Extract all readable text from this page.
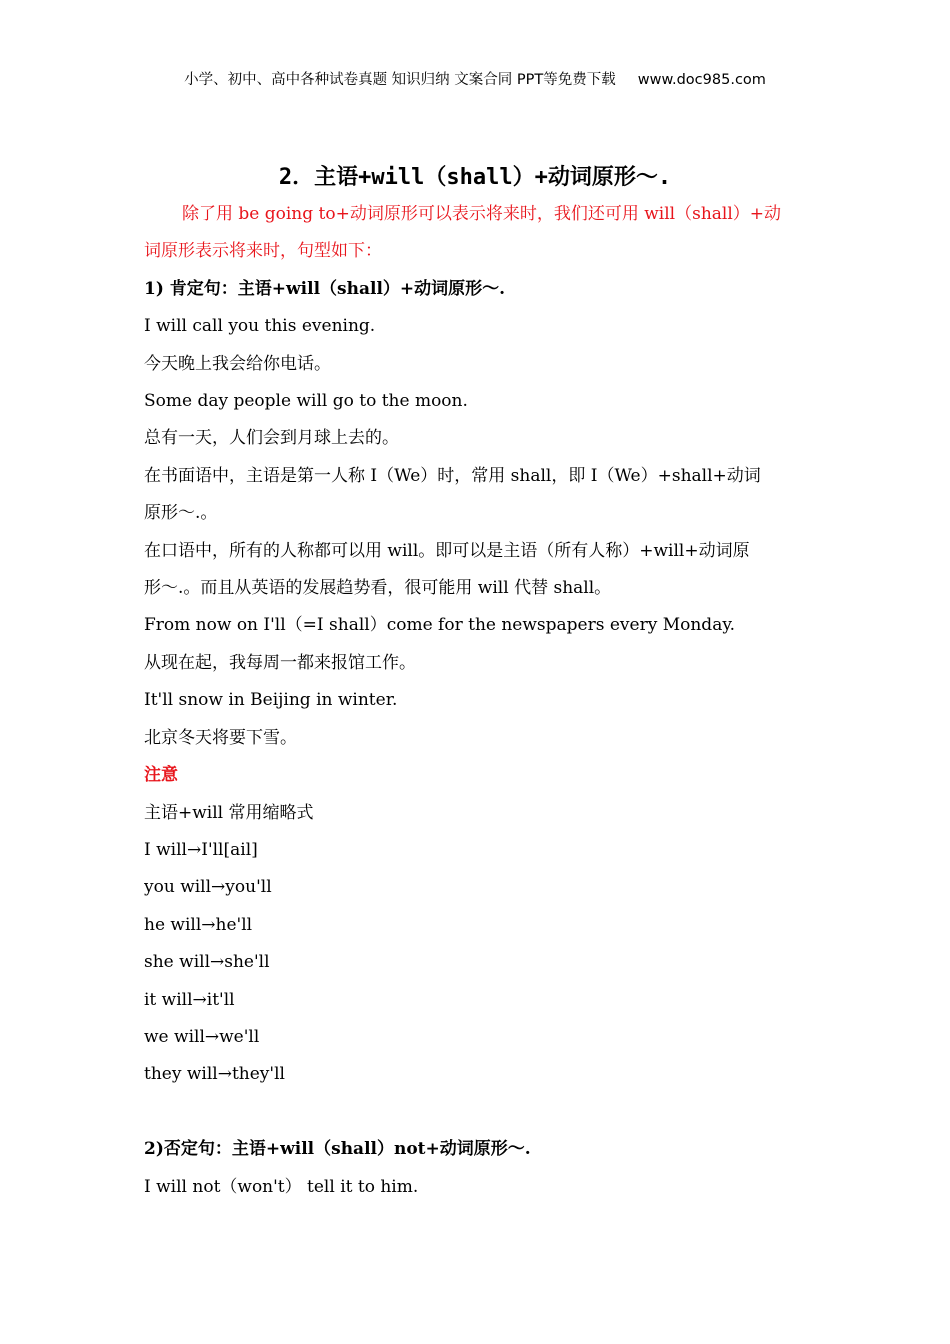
小学、初中、高中各种试卷真题 知识归纳 文案合同 PPT等免费下载 www.doc985.com
2．主语+will（shall）+动词原形～.

除了用 be going to+动词原形可以表示将来时，我们还可用 will（shall）+动

词原形表示将来时，句型如下：

1) 肯定句：主语+will（shall）+动词原形～.

I will call you this evening.

今天晚上我会给你电话。

Some day people will go to the moon.

总有一天，人们会到月球上去的。

在书面语中，主语是第一人称 I（We）时，常用 shall，即 I（We）+shall+动词

原形～.。

在口语中，所有的人称都可以用 will。即可以是主语（所有人称）+will+动词原

形～.。而且从英语的发展趋势看，很可能用 will 代替 shall。

From now on I'll（=I shall）come for the newspapers every Monday.

从现在起，我每周一都来报馆工作。

It'll snow in Beijing in winter.

北京冬天将要下雪。

注意

主语+will 常用缩略式

I will→I'll[ail]

you will→you'll

he will→he'll

she will→she'll

it will→it'll

we will→we'll

they will→they'll

2)否定句：主语+will（shall）not+动词原形～.

I will not（won't） tell it to him.
